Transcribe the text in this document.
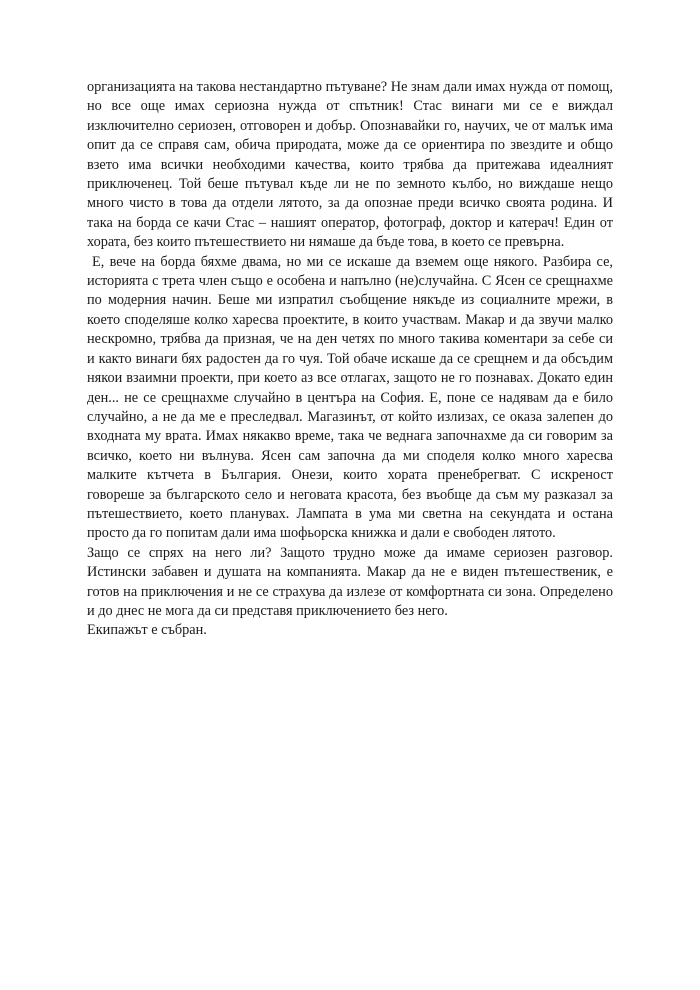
организацията на такова нестандартно пътуване? Не знам дали имах нужда от помощ, но все още имах сериозна нужда от спътник! Стас винаги ми се е виждал изключително сериозен, отговорен и добър. Опознавайки го, научих, че от малък има опит да се справя сам, обича природата, може да се ориентира по звездите и общо взето има всички необходими качества, които трябва да притежава идеалният приключенец. Той беше пътувал къде ли не по земното кълбо, но виждаше нещо много чисто в това да отдели лятото, за да опознае преди всичко своята родина. И така на борда се качи Стас – нашият оператор, фотограф, доктор и катерач! Един от хората, без които пътешествието ни нямаше да бъде това, в което се превърна.

Е, вече на борда бяхме двама, но ми се искаше да вземем още някого. Разбира се, историята с трета член също е особена и напълно (не)случайна. С Ясен се срещнахме по модерния начин. Беше ми изпратил съобщение някъде из социалните мрежи, в което споделяше колко харесва проектите, в които участвам. Макар и да звучи малко нескромно, трябва да призная, че на ден четях по много такива коментари за себе си и както винаги бях радостен да го чуя. Той обаче искаше да се срещнем и да обсъдим някои взаимни проекти, при което аз все отлагах, защото не го познавах. Докато един ден... не се срещнахме случайно в центъра на София. Е, поне се надявам да е било случайно, а не да ме е преследвал. Магазинът, от който излизах, се оказа залепен до входната му врата. Имах някакво време, така че веднага започнахме да си говорим за всичко, което ни вълнува. Ясен сам започна да ми споделя колко много харесва малките кътчета в България. Онези, които хората пренебрегват. С искреност говореше за българското село и неговата красота, без въобще да съм му разказал за пътешествието, което планувах. Лампата в ума ми светна на секундата и остана просто да го попитам дали има шофьорска книжка и дали е свободен лятото.

Защо се спрях на него ли? Защото трудно може да имаме сериозен разговор. Истински забавен и душата на компанията. Макар да не е виден пътешественик, е готов на приключения и не се страхува да излезе от комфортната си зона. Определено и до днес не мога да си представя приключението без него.

Екипажът е събран.
